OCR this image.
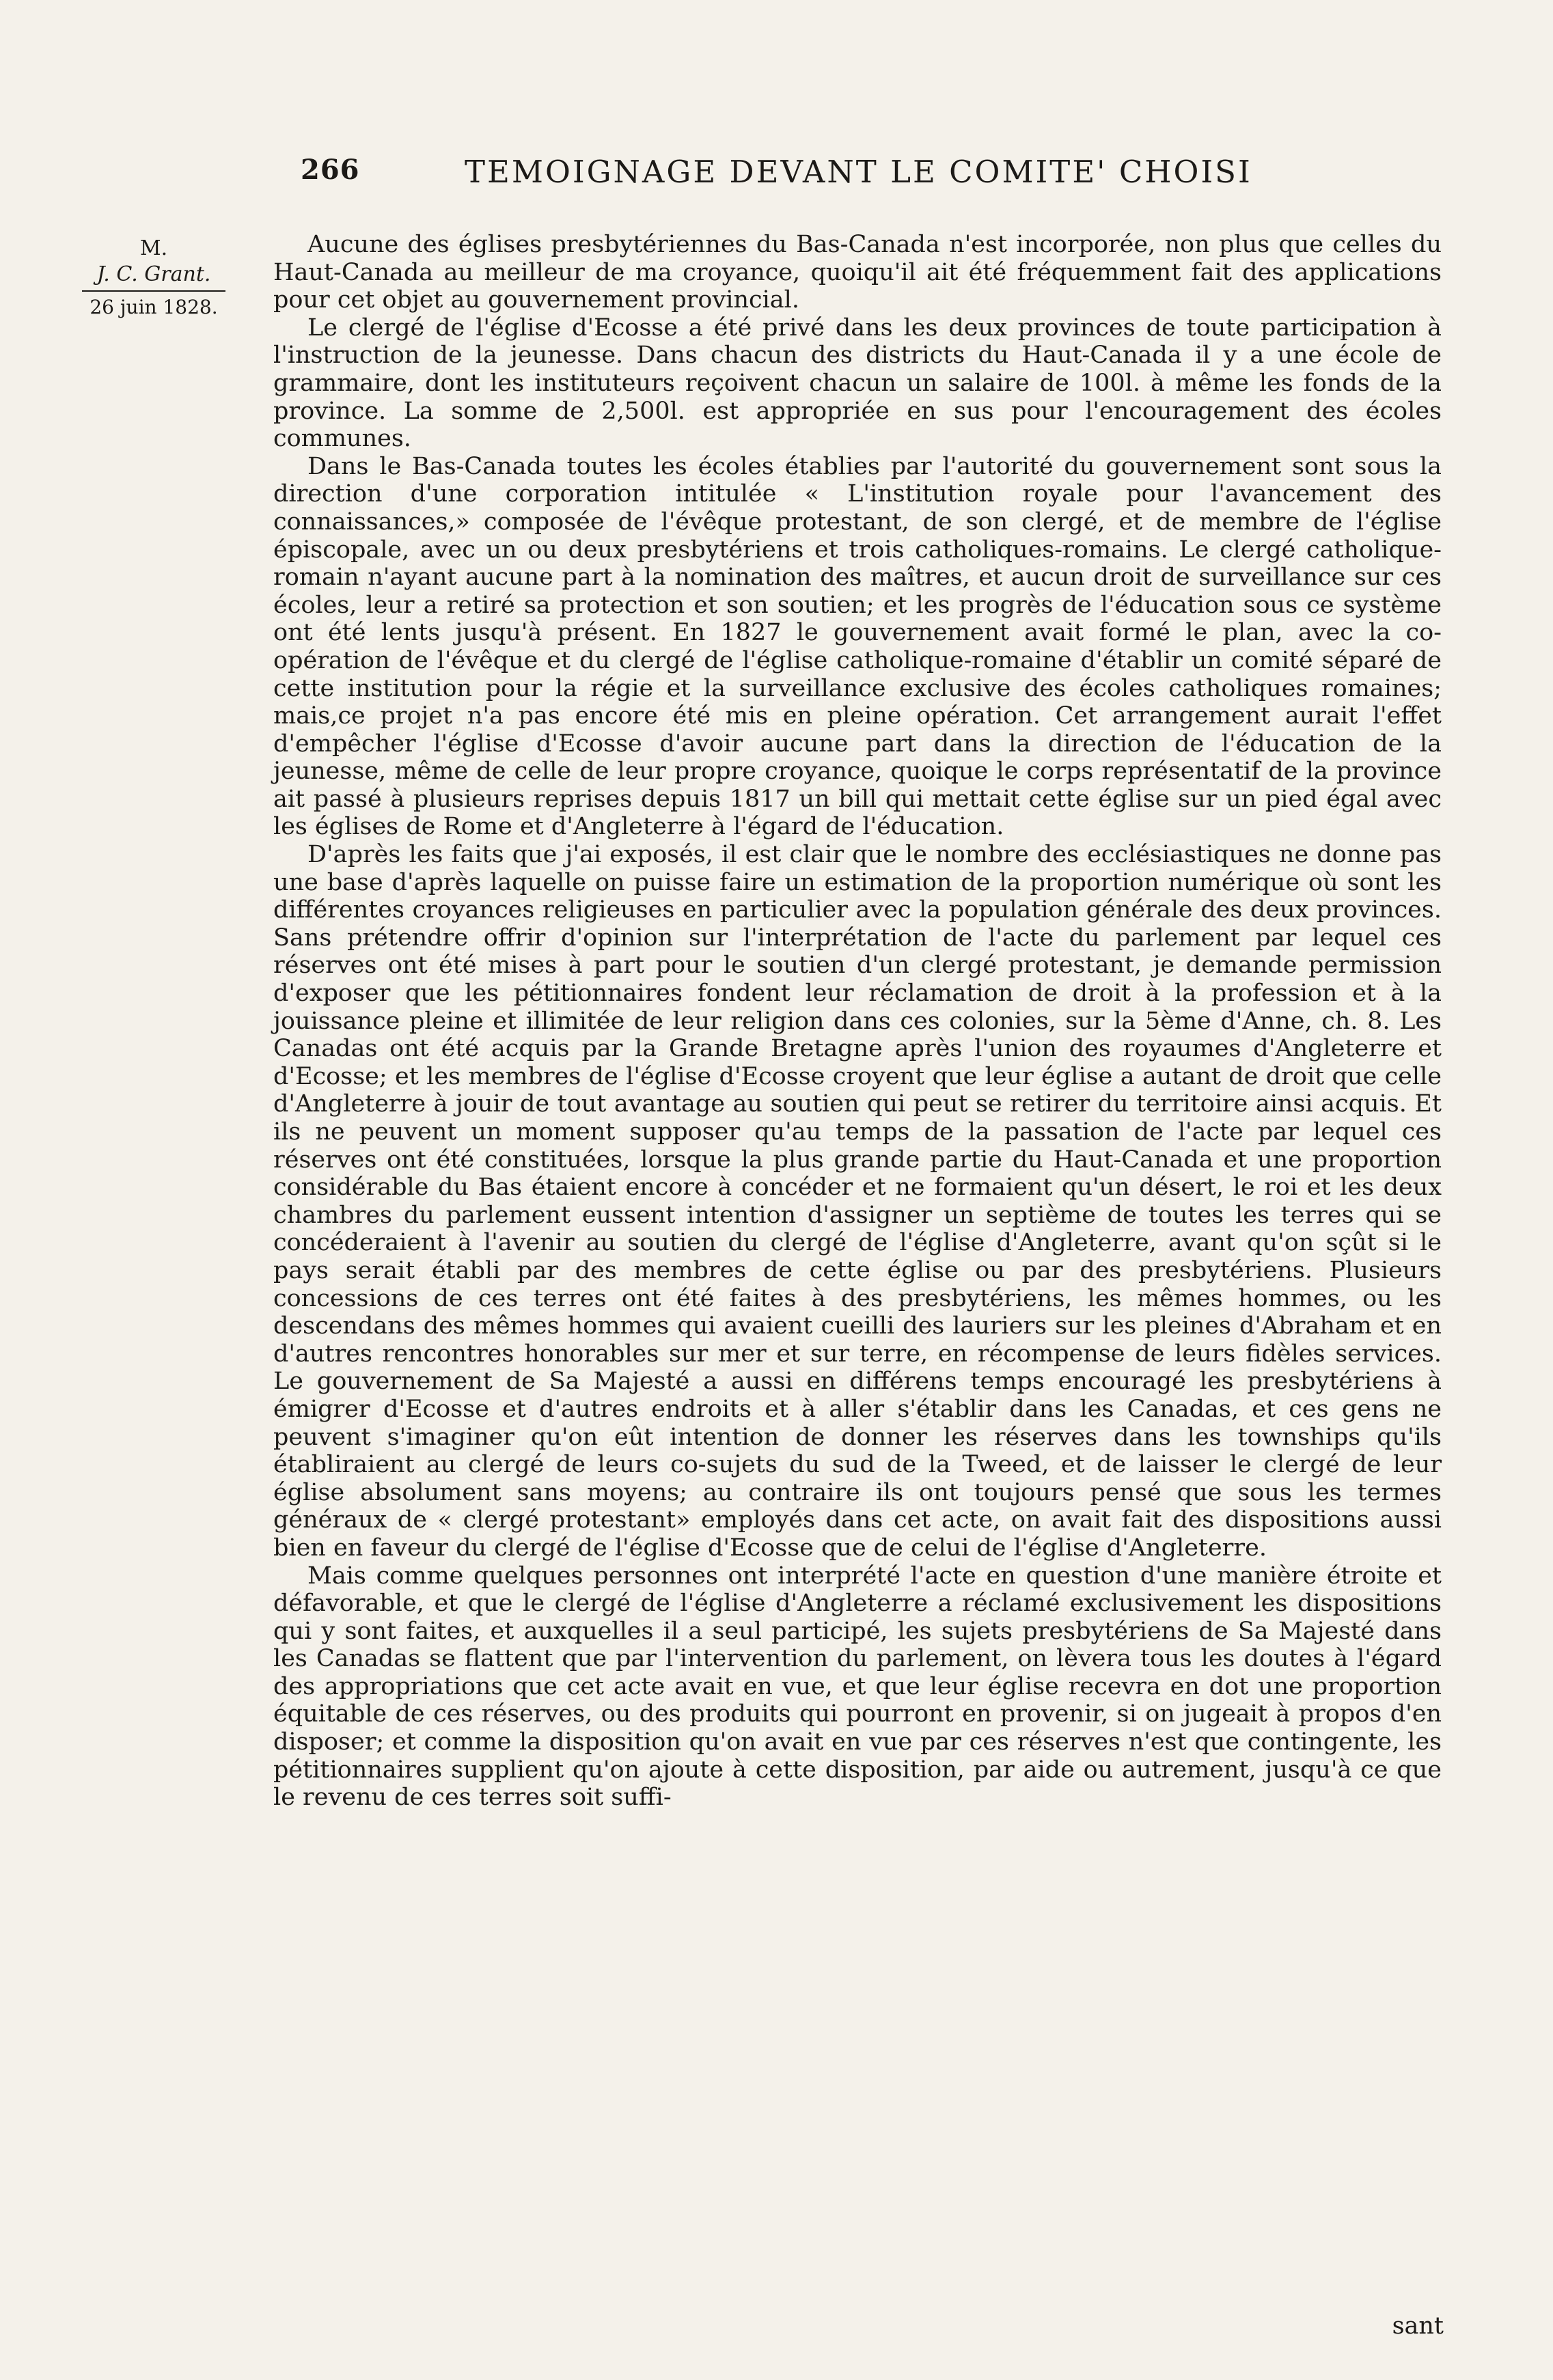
266	TEMOIGNAGE DEVANT LE COMITE' CHOISI
M.
J. C. Grant.
26 juin 1828.

Aucune des églises presbytériennes du Bas-Canada n'est incorporée, non plus que celles du Haut-Canada au meilleur de ma croyance, quoiqu'il ait été fréquemment fait des applications pour cet objet au gouvernement provincial.

Le clergé de l'église d'Ecosse a été privé dans les deux provinces de toute participation à l'instruction de la jeunesse. Dans chacun des districts du Haut-Canada il y a une école de grammaire, dont les instituteurs reçoivent chacun un salaire de 100l. à même les fonds de la province. La somme de 2,500l. est appropriée en sus pour l'encouragement des écoles communes.

Dans le Bas-Canada toutes les écoles établies par l'autorité du gouvernement sont sous la direction d'une corporation intitulée « L'institution royale pour l'avancement des connaissances,» composée de l'évêque protestant, de son clergé, et de membre de l'église épiscopale, avec un ou deux presbytériens et trois catholiques-romains. Le clergé catholique-romain n'ayant aucune part à la nomination des maîtres, et aucun droit de surveillance sur ces écoles, leur a retiré sa protection et son soutien; et les progrès de l'éducation sous ce système ont été lents jusqu'à présent. En 1827 le gouvernement avait formé le plan, avec la co-opération de l'évêque et du clergé de l'église catholique-romaine d'établir un comité séparé de cette institution pour la régie et la surveillance exclusive des écoles catholiques romaines; mais,ce projet n'a pas encore été mis en pleine opération. Cet arrangement aurait l'effet d'empêcher l'église d'Ecosse d'avoir aucune part dans la direction de l'éducation de la jeunesse, même de celle de leur propre croyance, quoique le corps représentatif de la province ait passé à plusieurs reprises depuis 1817 un bill qui mettait cette église sur un pied égal avec les églises de Rome et d'Angleterre à l'égard de l'éducation.

D'après les faits que j'ai exposés, il est clair que le nombre des ecclésiastiques ne donne pas une base d'après laquelle on puisse faire un estimation de la proportion numérique où sont les différentes croyances religieuses en particulier avec la population générale des deux provinces. Sans prétendre offrir d'opinion sur l'interprétation de l'acte du parlement par lequel ces réserves ont été mises à part pour le soutien d'un clergé protestant, je demande permission d'exposer que les pétitionnaires fondent leur réclamation de droit à la profession et à la jouissance pleine et illimitée de leur religion dans ces colonies, sur la 5ème d'Anne, ch. 8. Les Canadas ont été acquis par la Grande Bretagne après l'union des royaumes d'Angleterre et d'Ecosse; et les membres de l'église d'Ecosse croyent que leur église a autant de droit que celle d'Angleterre à jouir de tout avantage au soutien qui peut se retirer du territoire ainsi acquis. Et ils ne peuvent un moment supposer qu'au temps de la passation de l'acte par lequel ces réserves ont été constituées, lorsque la plus grande partie du Haut-Canada et une proportion considérable du Bas étaient encore à concéder et ne formaient qu'un désert, le roi et les deux chambres du parlement eussent intention d'assigner un septième de toutes les terres qui se concéderaient à l'avenir au soutien du clergé de l'église d'Angleterre, avant qu'on sçût si le pays serait établi par des membres de cette église ou par des presbytériens. Plusieurs concessions de ces terres ont été faites à des presbytériens, les mêmes hommes, ou les descendans des mêmes hommes qui avaient cueilli des lauriers sur les pleines d'Abraham et en d'autres rencontres honorables sur mer et sur terre, en récompense de leurs fidèles services. Le gouvernement de Sa Majesté a aussi en différens temps encouragé les presbytériens à émigrer d'Ecosse et d'autres endroits et à aller s'établir dans les Canadas, et ces gens ne peuvent s'imaginer qu'on eût intention de donner les réserves dans les townships qu'ils établiraient au clergé de leurs co-sujets du sud de la Tweed, et de laisser le clergé de leur église absolument sans moyens; au contraire ils ont toujours pensé que sous les termes généraux de « clergé protestant» employés dans cet acte, on avait fait des dispositions aussi bien en faveur du clergé de l'église d'Ecosse que de celui de l'église d'Angleterre.

Mais comme quelques personnes ont interprété l'acte en question d'une manière étroite et défavorable, et que le clergé de l'église d'Angleterre a réclamé exclusivement les dispositions qui y sont faites, et auxquelles il a seul participé, les sujets presbytériens de Sa Majesté dans les Canadas se flattent que par l'intervention du parlement, on lèvera tous les doutes à l'égard des appropriations que cet acte avait en vue, et que leur église recevra en dot une proportion équitable de ces réserves, ou des produits qui pourront en provenir, si on jugeait à propos d'en disposer; et comme la disposition qu'on avait en vue par ces réserves n'est que contingente, les pétitionnaires supplient qu'on ajoute à cette disposition, par aide ou autrement, jusqu'à ce que le revenu de ces terres soit suffi-

sant
